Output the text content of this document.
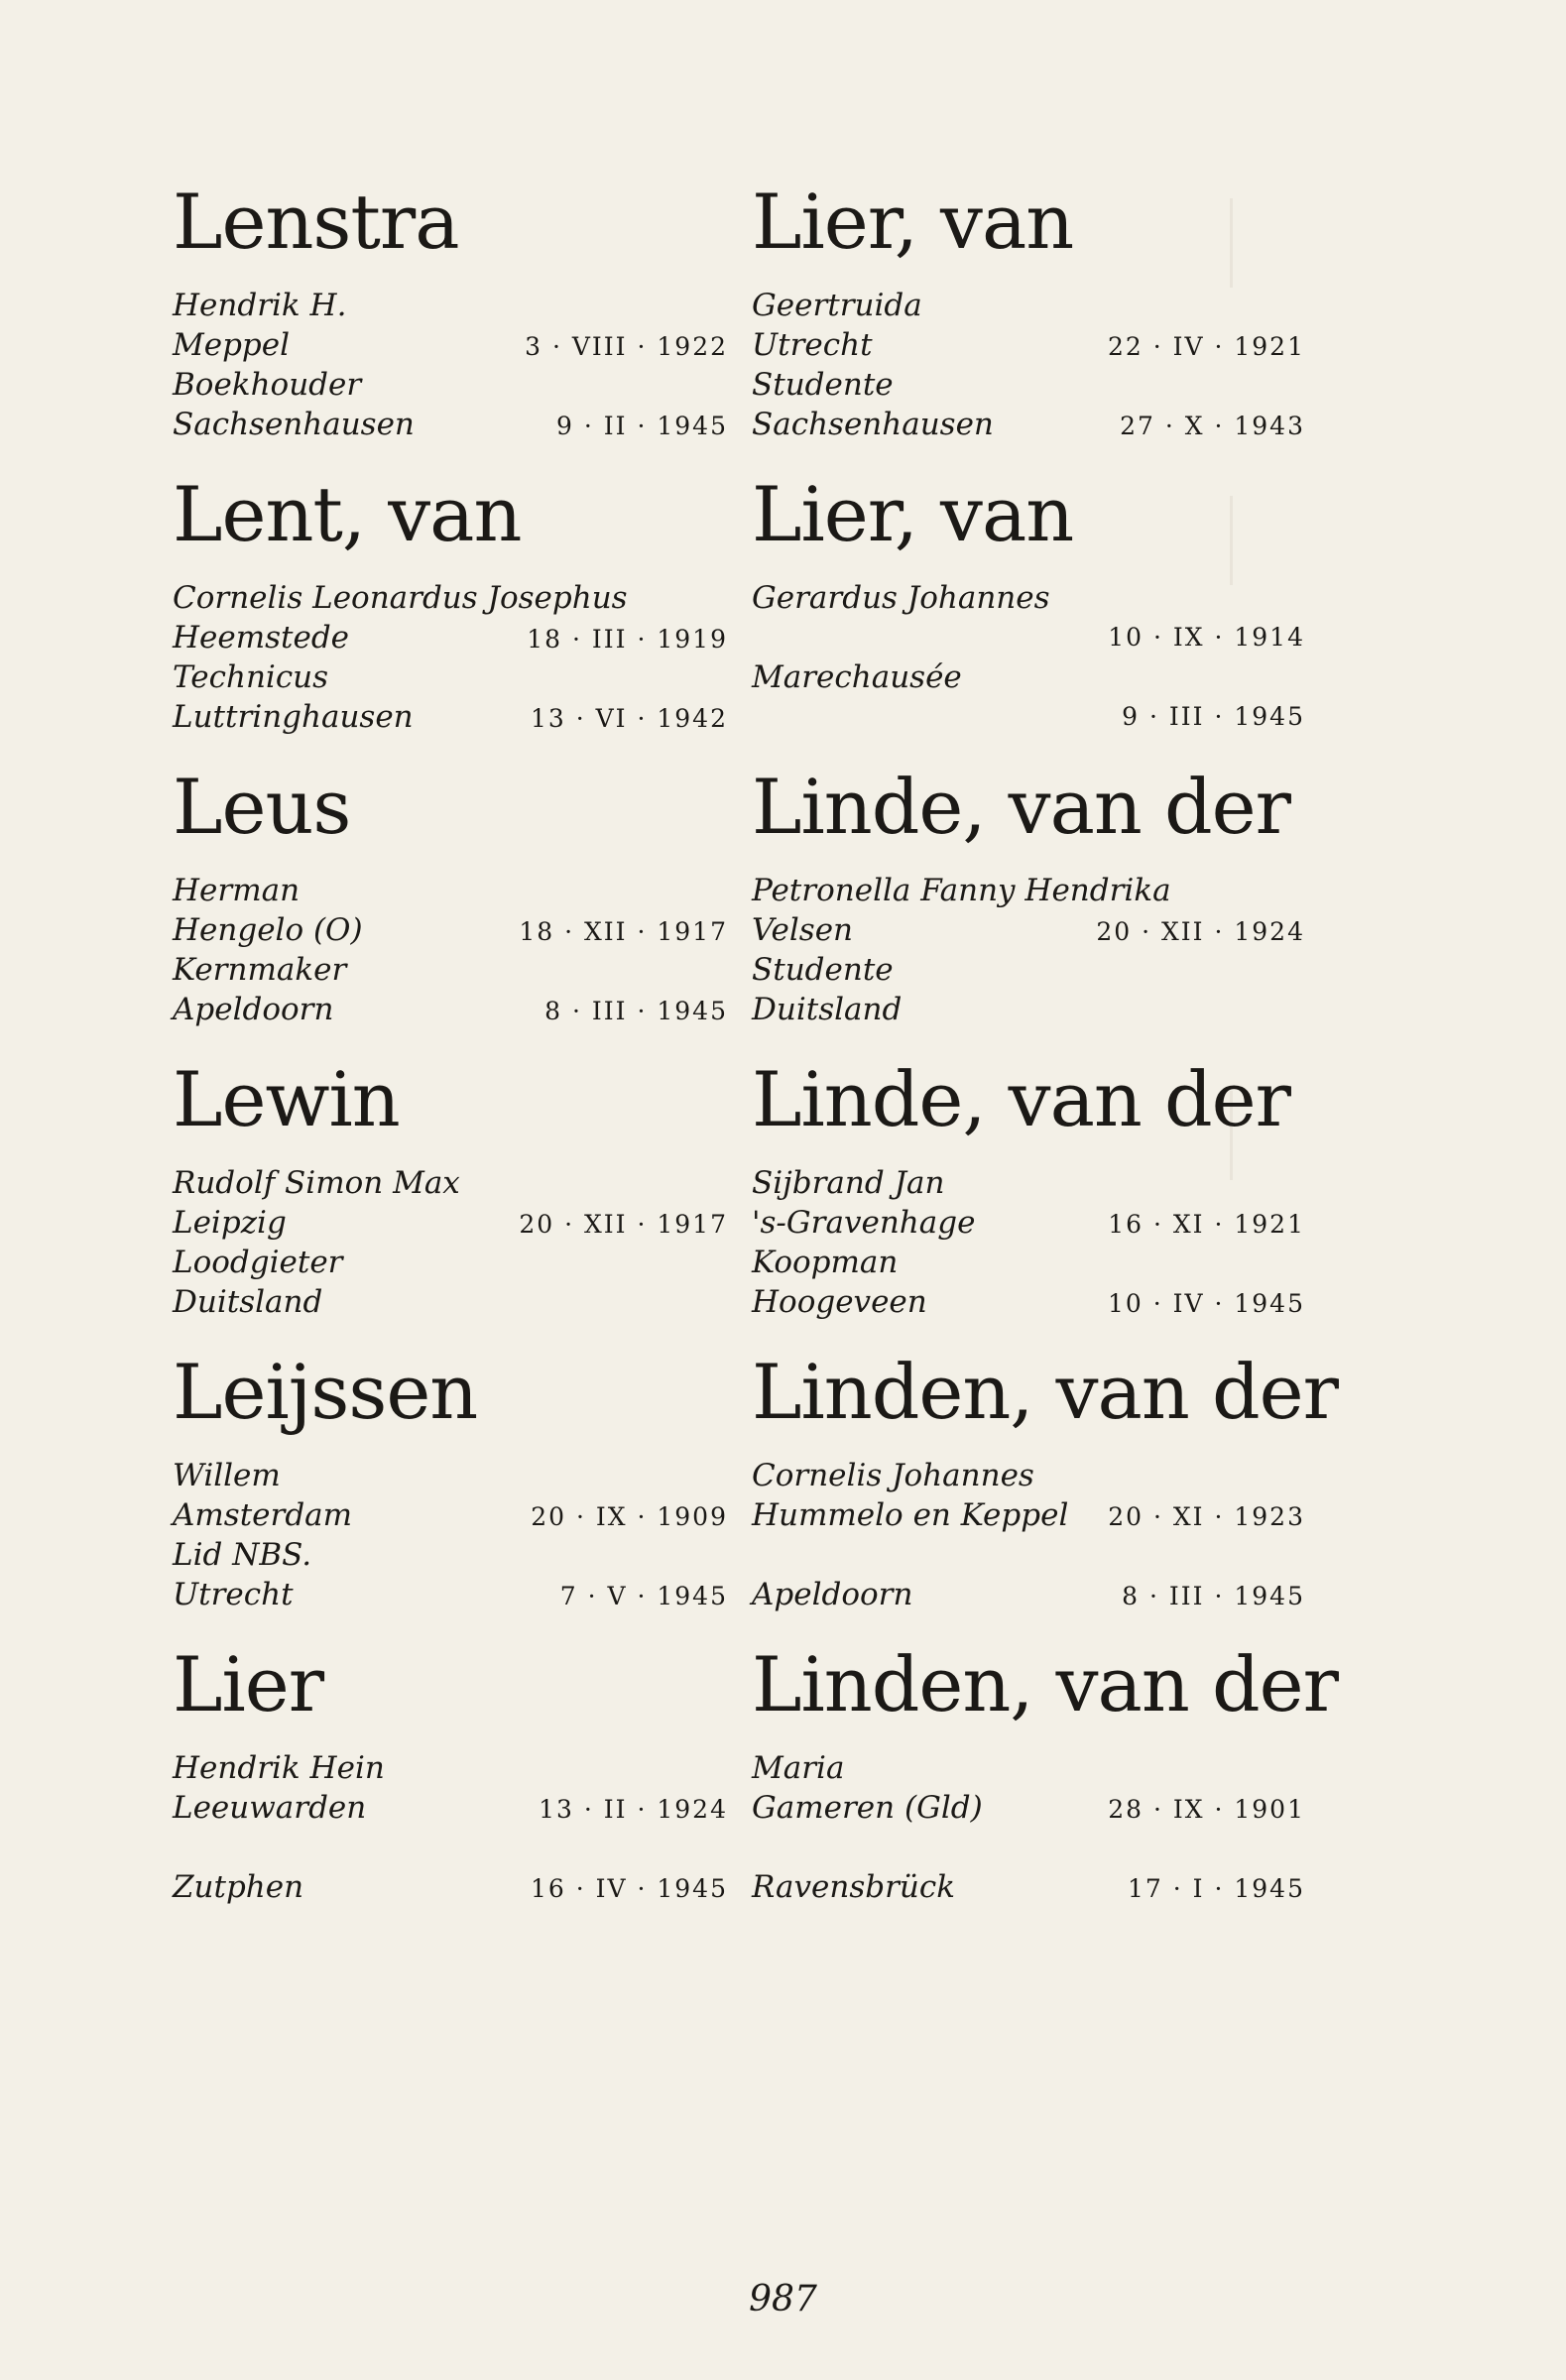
Lenstra
Hendrik H.
Meppel	3 · VIII · 1922
Boekhouder
Sachsenhausen	9 · II · 1945
Lent, van
Cornelis Leonardus Josephus
Heemstede	18 · III · 1919
Technicus
Luttringhausen	13 · VI · 1942
Leus
Herman
Hengelo (O)	18 · XII · 1917
Kernmaker
Apeldoorn	8 · III · 1945
Lewin
Rudolf Simon Max
Leipzig	20 · XII · 1917
Loodgieter
Duitsland
Leijssen
Willem
Amsterdam	20 · IX · 1909
Lid NBS.
Utrecht	7 · V · 1945
Lier
Hendrik Hein
Leeuwarden	13 · II · 1924
Zutphen	16 · IV · 1945
Lier, van
Geertruida
Utrecht	22 · IV · 1921
Studente
Sachsenhausen	27 · X · 1943
Lier, van
Gerardus Johannes
10 · IX · 1914
Marechausée
9 · III · 1945
Linde, van der
Petronella Fanny Hendrika
Velsen	20 · XII · 1924
Studente
Duitsland
Linde, van der
Sijbrand Jan
's-Gravenhage	16 · XI · 1921
Koopman
Hoogeveen	10 · IV · 1945
Linden, van der
Cornelis Johannes
Hummelo en Keppel 20 · XI · 1923
Apeldoorn	8 · III · 1945
Linden, van der
Maria
Gameren (Gld)	28 · IX · 1901
Ravensbrück	17 · I · 1945
987
